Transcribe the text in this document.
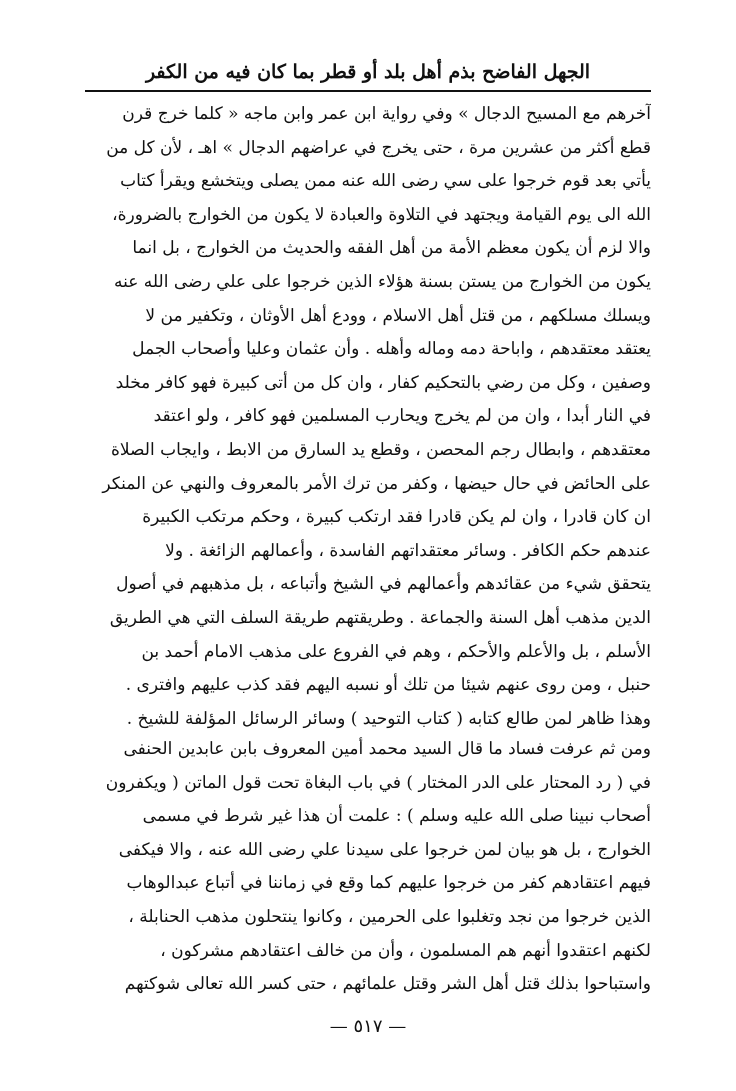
الجهل الفاضح بذم أهل بلد أو قطر بما كان فيه من الكفر
آخرهم مع المسيح الدجال » وفي رواية ابن عمر وابن ماجه « كلما خرج قرن
قطع أكثر من عشرين مرة ، حتى يخرج في عراضهم الدجال » اهـ ، لأن كل من
يأتي بعد قوم خرجوا على سي رضى الله عنه ممن يصلى ويتخشع ويقرأ كتاب
الله الى يوم القيامة ويجتهد في التلاوة والعبادة لا يكون من الخوارج بالضرورة،
والا لزم أن يكون معظم الأمة من أهل الفقه والحديث من الخوارج ، بل انما
يكون من الخوارج من يستن بسنة هؤلاء الذين خرجوا على علي رضى الله عنه
ويسلك مسلكهم ، من قتل أهل الاسلام ، وودع أهل الأوثان ، وتكفير من لا
يعتقد معتقدهم ، واباحة دمه وماله وأهله . وأن عثمان وعليا وأصحاب الجمل
وصفين ، وكل من رضي بالتحكيم كفار ، وان كل من أتى كبيرة فهو كافر مخلد
في النار أبدا ، وان من لم يخرج ويحارب المسلمين فهو كافر ، ولو اعتقد
معتقدهم ، وابطال رجم المحصن ، وقطع يد السارق من الابط ، وايجاب الصلاة
على الحائض في حال حيضها ، وكفر من ترك الأمر بالمعروف والنهي عن المنكر
ان كان قادرا ، وان لم يكن قادرا فقد ارتكب كبيرة ، وحكم مرتكب الكبيرة
عندهم حكم الكافر . وسائر معتقداتهم الفاسدة ، وأعمالهم الزائغة . ولا
يتحقق شيء من عقائدهم وأعمالهم في الشيخ وأتباعه ، بل مذهبهم في أصول
الدين مذهب أهل السنة والجماعة . وطريقتهم طريقة السلف التي هي الطريق
الأسلم ، بل والأعلم والأحكم ، وهم في الفروع على مذهب الامام أحمد بن
حنبل ، ومن روى عنهم شيئا من تلك أو نسبه اليهم فقد كذب عليهم وافترى .
وهذا ظاهر لمن طالع كتابه ( كتاب التوحيد ) وسائر الرسائل المؤلفة للشيخ .
ومن ثم عرفت فساد ما قال السيد محمد أمين المعروف بابن عابدين الحنفى
في ( رد المحتار على الدر المختار ) في باب البغاة تحت قول الماتن ( ويكفرون
أصحاب نبينا صلى الله عليه وسلم ) : علمت أن هذا غير شرط في مسمى
الخوارج ، بل هو بيان لمن خرجوا على سيدنا علي رضى الله عنه ، والا فيكفى
فيهم اعتقادهم كفر من خرجوا عليهم كما وقع في زماننا في أتباع عبدالوهاب
الذين خرجوا من نجد وتغلبوا على الحرمين ، وكانوا ينتحلون مذهب الحنابلة ،
لكنهم اعتقدوا أنهم هم المسلمون ، وأن من خالف اعتقادهم مشركون ،
واستباحوا بذلك قتل أهل الشر وقتل علمائهم ، حتى كسر الله تعالى شوكتهم
— ٥١٧ —
